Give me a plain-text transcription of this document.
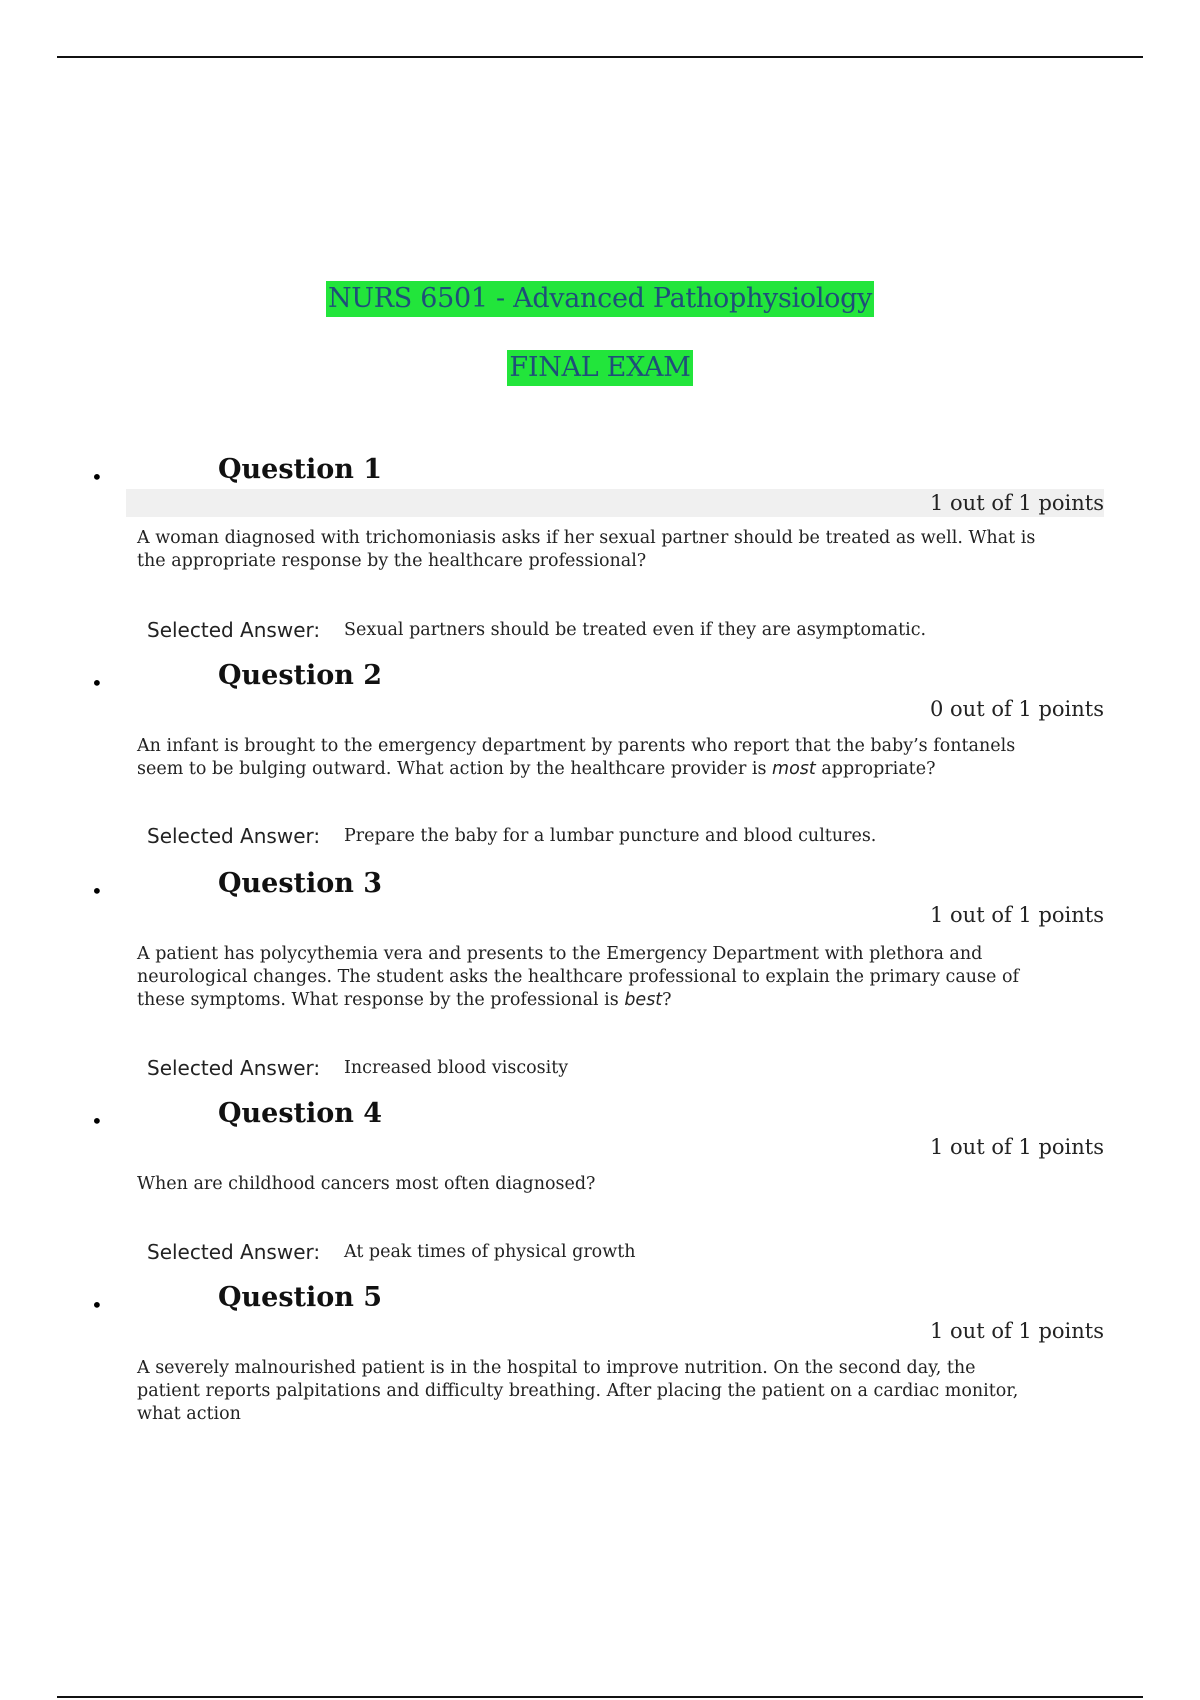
NURS 6501 - Advanced Pathophysiology
FINAL EXAM
•	Question 1
1 out of 1 points
A woman diagnosed with trichomoniasis asks if her sexual partner should be treated as well. What is the appropriate response by the healthcare professional?
Selected Answer: Sexual partners should be treated even if they are asymptomatic.
•	Question 2
0 out of 1 points
An infant is brought to the emergency department by parents who report that the baby’s fontanels seem to be bulging outward. What action by the healthcare provider is most appropriate?
Selected Answer: Prepare the baby for a lumbar puncture and blood cultures.
•	Question 3
1 out of 1 points
A patient has polycythemia vera and presents to the Emergency Department with plethora and neurological changes. The student asks the healthcare professional to explain the primary cause of these symptoms. What response by the professional is best?
Selected Answer: Increased blood viscosity
•	Question 4
1 out of 1 points
When are childhood cancers most often diagnosed?
Selected Answer: At peak times of physical growth
•	Question 5
1 out of 1 points
A severely malnourished patient is in the hospital to improve nutrition. On the second day, the patient reports palpitations and difficulty breathing. After placing the patient on a cardiac monitor, what action
